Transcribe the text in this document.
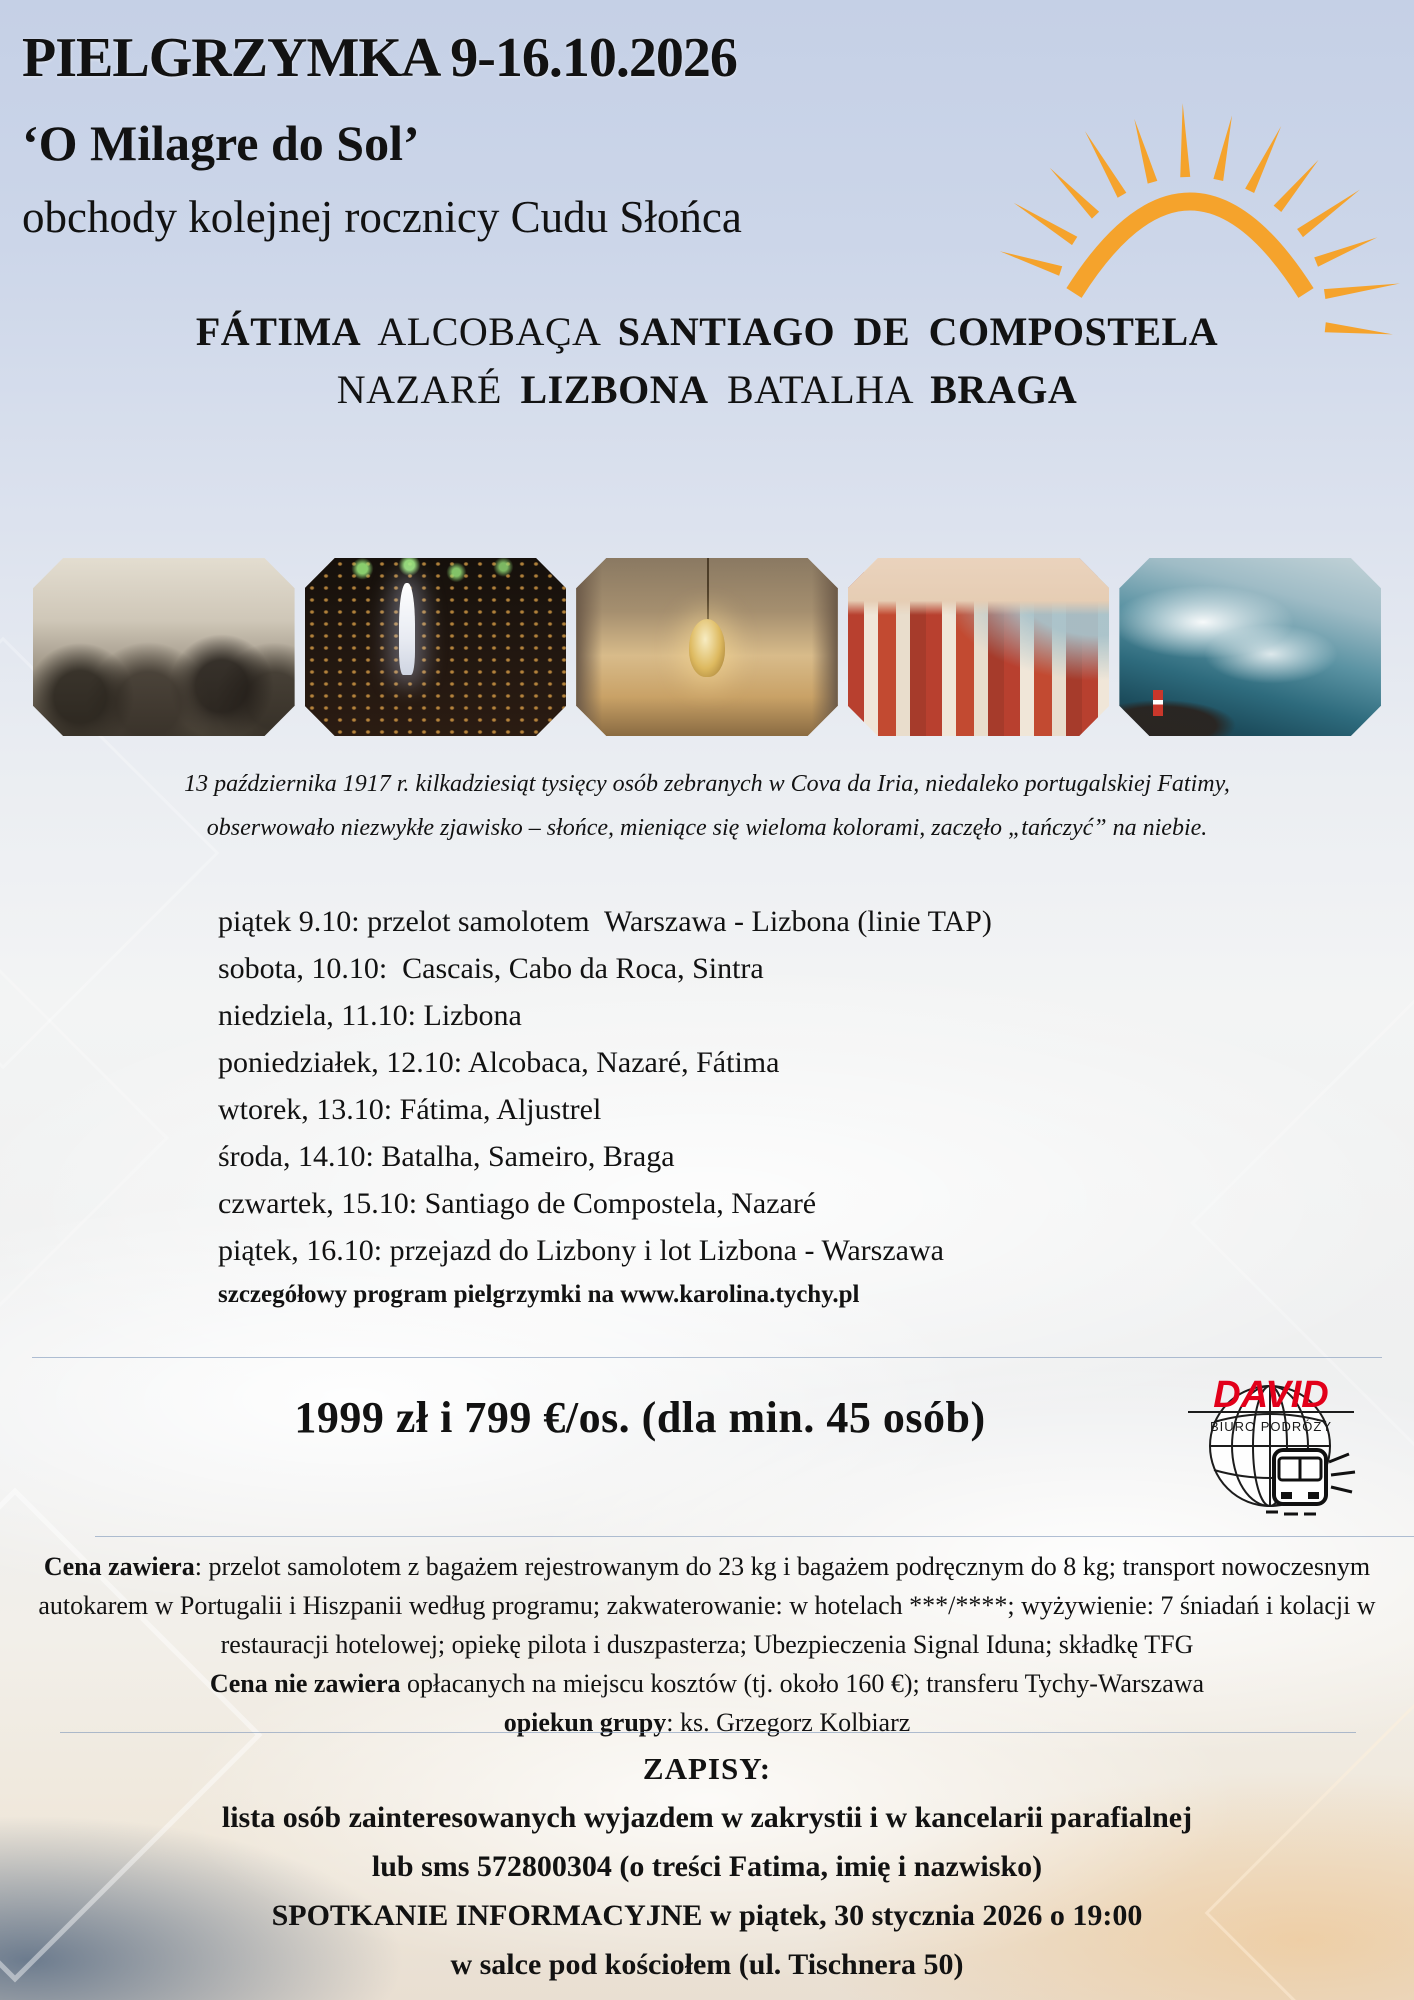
PIELGRZYMKA 9-16.10.2026
‘O Milagre do Sol’

obchody kolejnej rocznicy Cudu Słońca

FÁTIMA ALCOBAÇA SANTIAGO DE COMPOSTELA
NAZARÉ LIZBONA BATALHA BRAGA
13 października 1917 r. kilkadziesiąt tysięcy osób zebranych w Cova da Iria, niedaleko portugalskiej Fatimy,
obserwowało niezwykłe zjawisko – słońce, mieniące się wieloma kolorami, zaczęło „tańczyć” na niebie.
piątek 9.10: przelot samolotem  Warszawa - Lizbona (linie TAP)
sobota, 10.10:  Cascais, Cabo da Roca, Sintra
niedziela, 11.10: Lizbona
poniedziałek, 12.10: Alcobaca, Nazaré, Fátima
wtorek, 13.10: Fátima, Aljustrel
środa, 14.10: Batalha, Sameiro, Braga
czwartek, 15.10: Santiago de Compostela, Nazaré
piątek, 16.10: przejazd do Lizbony i lot Lizbona - Warszawa
szczegółowy program pielgrzymki na www.karolina.tychy.pl
1999 zł i 799 €/os. (dla min. 45 osób)	DAVID
BIURO PODRÓŻY

Cena zawiera: przelot samolotem z bagażem rejestrowanym do 23 kg i bagażem podręcznym do 8 kg; transport nowoczesnym autokarem w Portugalii i Hiszpanii według programu; zakwaterowanie: w hotelach ***/****; wyżywienie: 7 śniadań i kolacji w restauracji hotelowej; opiekę pilota i duszpasterza; Ubezpieczenia Signal Iduna; składkę TFG

Cena nie zawiera opłacanych na miejscu kosztów (tj. około 160 €); transferu Tychy-Warszawa

opiekun grupy: ks. Grzegorz Kolbiarz

ZAPISY:
lista osób zainteresowanych wyjazdem w zakrystii i w kancelarii parafialnej
lub sms 572800304 (o treści Fatima, imię i nazwisko)
SPOTKANIE INFORMACYJNE w piątek, 30 stycznia 2026 o 19:00
w salce pod kościołem (ul. Tischnera 50)
